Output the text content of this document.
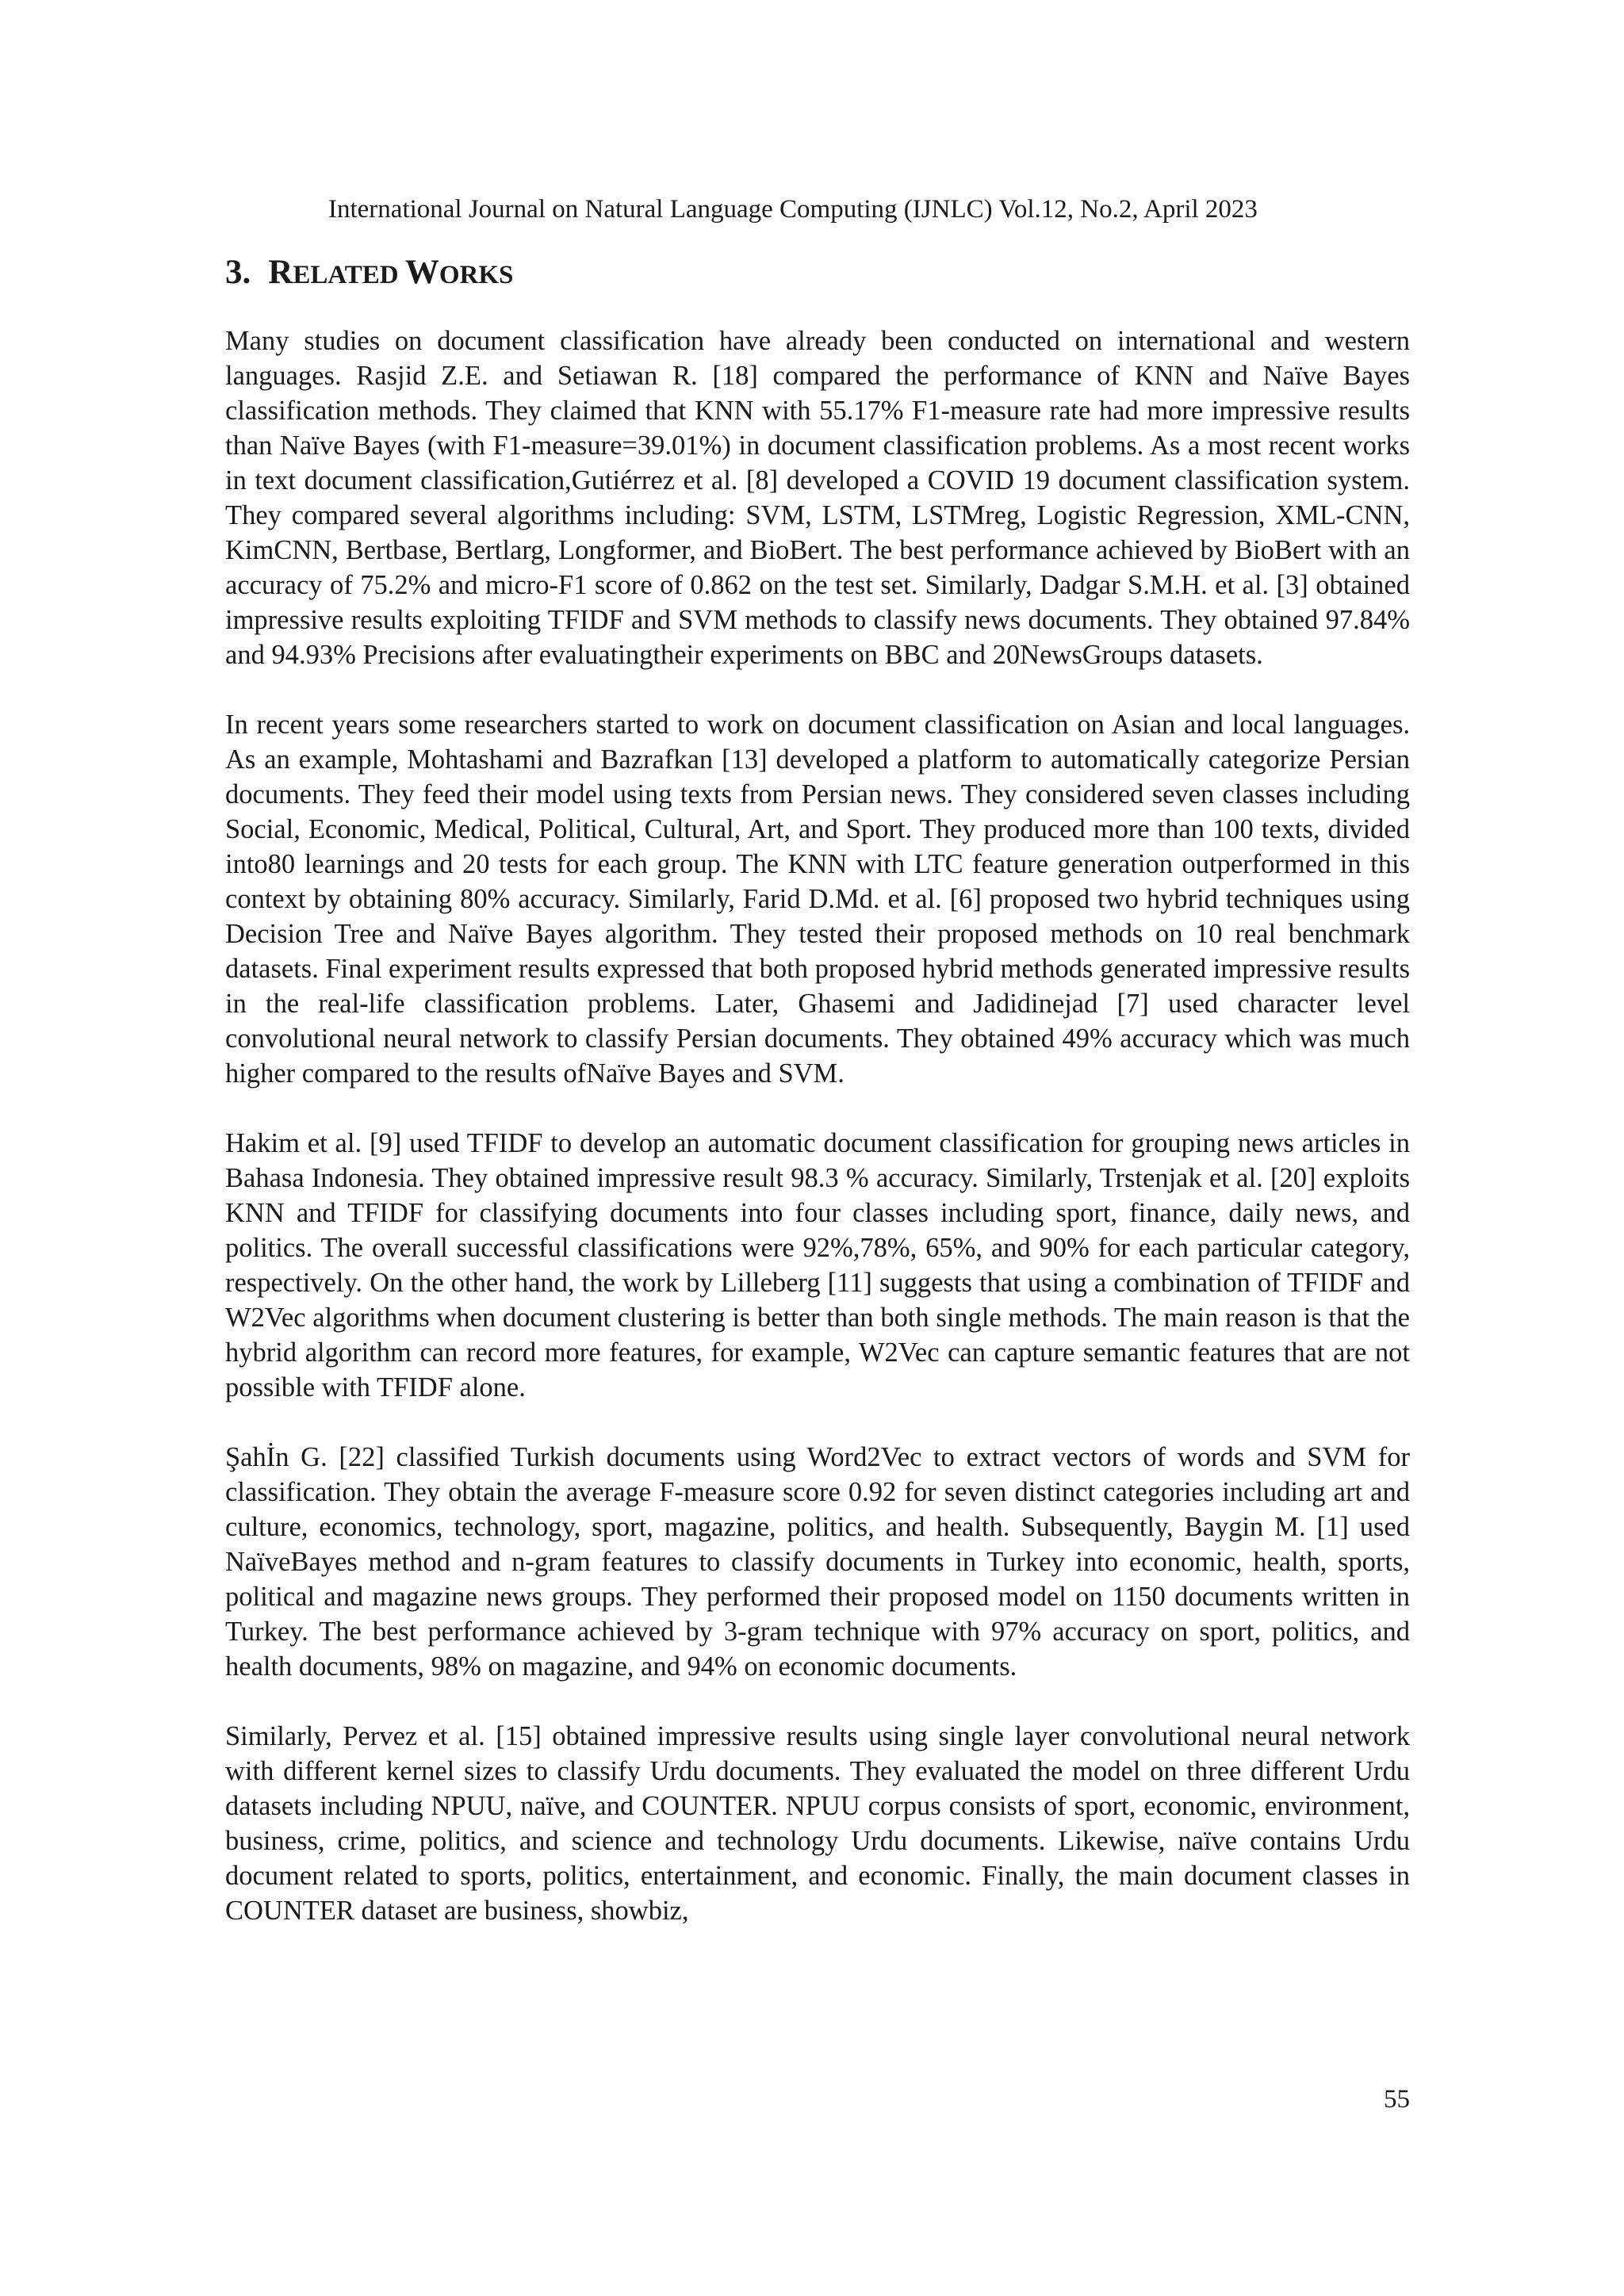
International Journal on Natural Language Computing (IJNLC) Vol.12, No.2, April 2023
3. RELATED WORKS

Many studies on document classification have already been conducted on international and western languages. Rasjid Z.E. and Setiawan R. [18] compared the performance of KNN and Naïve Bayes classification methods. They claimed that KNN with 55.17% F1-measure rate had more impressive results than Naïve Bayes (with F1-measure=39.01%) in document classification problems. As a most recent works in text document classification,Gutiérrez et al. [8] developed a COVID 19 document classification system. They compared several algorithms including: SVM, LSTM, LSTMreg, Logistic Regression, XML-CNN, KimCNN, Bertbase, Bertlarg, Longformer, and BioBert. The best performance achieved by BioBert with an accuracy of 75.2% and micro-F1 score of 0.862 on the test set. Similarly, Dadgar S.M.H. et al. [3] obtained impressive results exploiting TFIDF and SVM methods to classify news documents. They obtained 97.84% and 94.93% Precisions after evaluatingtheir experiments on BBC and 20NewsGroups datasets.

In recent years some researchers started to work on document classification on Asian and local languages. As an example, Mohtashami and Bazrafkan [13] developed a platform to automatically categorize Persian documents. They feed their model using texts from Persian news. They considered seven classes including Social, Economic, Medical, Political, Cultural, Art, and Sport. They produced more than 100 texts, divided into80 learnings and 20 tests for each group. The KNN with LTC feature generation outperformed in this context by obtaining 80% accuracy. Similarly, Farid D.Md. et al. [6] proposed two hybrid techniques using Decision Tree and Naïve Bayes algorithm. They tested their proposed methods on 10 real benchmark datasets. Final experiment results expressed that both proposed hybrid methods generated impressive results in the real-life classification problems. Later, Ghasemi and Jadidinejad [7] used character level convolutional neural network to classify Persian documents. They obtained 49% accuracy which was much higher compared to the results ofNaïve Bayes and SVM.

Hakim et al. [9] used TFIDF to develop an automatic document classification for grouping news articles in Bahasa Indonesia. They obtained impressive result 98.3 % accuracy. Similarly, Trstenjak et al. [20] exploits KNN and TFIDF for classifying documents into four classes including sport, finance, daily news, and politics. The overall successful classifications were 92%,78%, 65%, and 90% for each particular category, respectively. On the other hand, the work by Lilleberg [11] suggests that using a combination of TFIDF and W2Vec algorithms when document clustering is better than both single methods. The main reason is that the hybrid algorithm can record more features, for example, W2Vec can capture semantic features that are not possible with TFIDF alone.

Şahİn G. [22] classified Turkish documents using Word2Vec to extract vectors of words and SVM for classification. They obtain the average F-measure score 0.92 for seven distinct categories including art and culture, economics, technology, sport, magazine, politics, and health. Subsequently, Baygin M. [1] used NaïveBayes method and n-gram features to classify documents in Turkey into economic, health, sports, political and magazine news groups. They performed their proposed model on 1150 documents written in Turkey. The best performance achieved by 3-gram technique with 97% accuracy on sport, politics, and health documents, 98% on magazine, and 94% on economic documents.

Similarly, Pervez et al. [15] obtained impressive results using single layer convolutional neural network with different kernel sizes to classify Urdu documents. They evaluated the model on three different Urdu datasets including NPUU, naïve, and COUNTER. NPUU corpus consists of sport, economic, environment, business, crime, politics, and science and technology Urdu documents. Likewise, naïve contains Urdu document related to sports, politics, entertainment, and economic. Finally, the main document classes in COUNTER dataset are business, showbiz,

55
